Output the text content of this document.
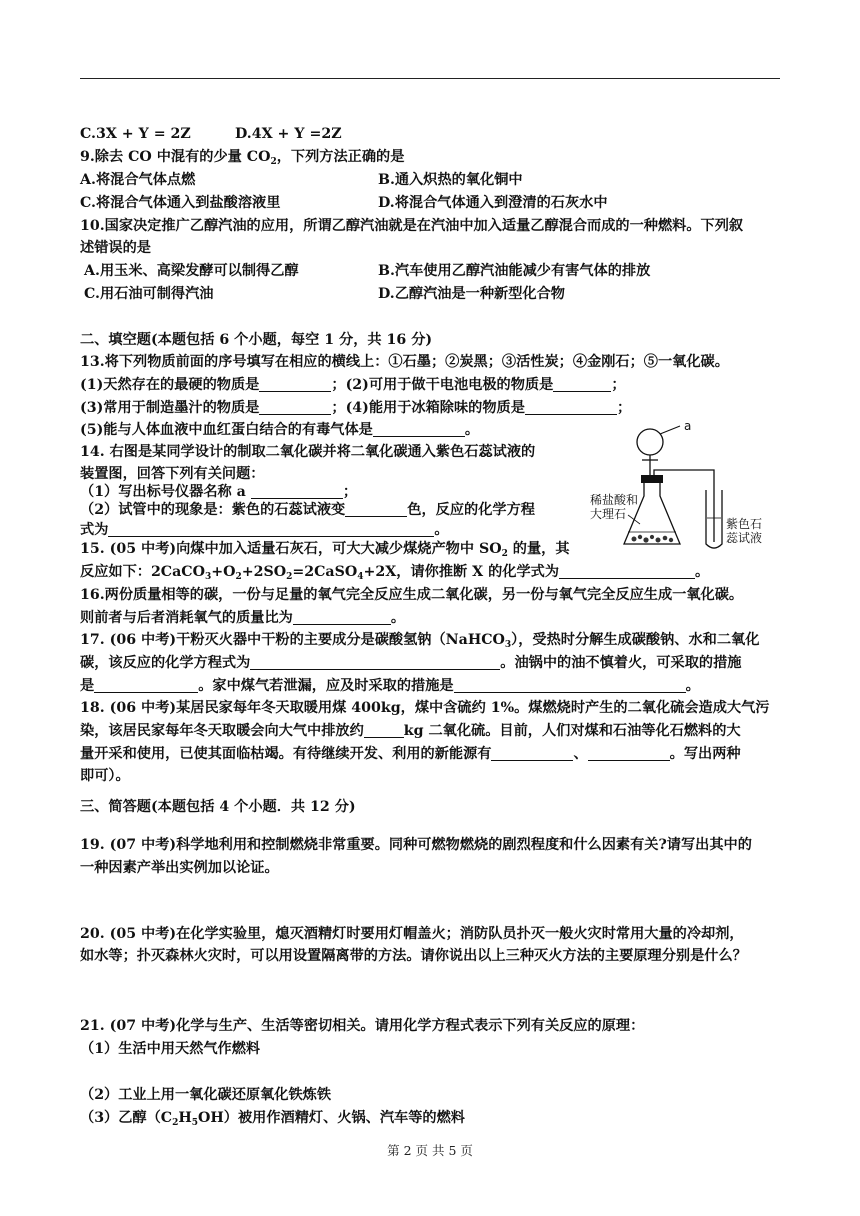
C.3X + Y = 2Z	D.4X + Y =2Z
9.除去 CO 中混有的少量 $CO_2$，下列方法正确的是
A.将混合气体点燃	B.通入炽热的氧化铜中
C.将混合气体通入到盐酸溶液里	D.将混合气体通入到澄清的石灰水中
10.国家决定推广乙醇汽油的应用，所谓乙醇汽油就是在汽油中加入适量乙醇混合而成的一种燃料。下列叙
述错误的是
A.用玉米、高梁发酵可以制得乙醇	B.汽车使用乙醇汽油能减少有害气体的排放
C.用石油可制得汽油	D.乙醇汽油是一种新型化合物
二、填空题(本题包括 6 个小题，每空 1 分，共 16 分)
13.将下列物质前面的序号填写在相应的横线上：①石墨；②炭黑；③活性炭；④金刚石；⑤一氧化碳。
(1)天然存在的最硬的物质是	；(2)可用于做干电池电极的物质是	；
(3)常用于制造墨汁的物质是	；(4)能用于冰箱除味的物质是	；
(5)能与人体血液中血红蛋白结合的有毒气体是	。
14. 右图是某同学设计的制取二氧化碳并将二氧化碳通入紫色石蕊试液的
装置图，回答下列有关问题：
（1）写出标号仪器名称 a	；
（2）试管中的现象是：紫色的石蕊试液变	色，反应的化学方程
式为	。
a
稀盐酸和
大理石
紫色石
蕊试液
15. (05 中考)向煤中加入适量石灰石，可大大减少煤烧产物中 $SO_2$ 的量，其
反应如下：$2CaCO_3+O_2+2SO_2=2CaSO_4+2X$，请你推断 X 的化学式为	。
16.两份质量相等的碳，一份与足量的氧气完全反应生成二氧化碳，另一份与氧气完全反应生成一氧化碳。
则前者与后者消耗氧气的质量比为	。
17. (06 中考)干粉灭火器中干粉的主要成分是碳酸氢钠（NaHCO$_3$），受热时分解生成碳酸钠、水和二氧化
碳，该反应的化学方程式为	。油锅中的油不慎着火，可采取的措施
是	。家中煤气若泄漏，应及时采取的措施是	。
18. (06 中考)某居民家每年冬天取暖用煤 400kg，煤中含硫约 1%。煤燃烧时产生的二氧化硫会造成大气污
染，该居民家每年冬天取暖会向大气中排放约	kg 二氧化硫。目前，人们对煤和石油等化石燃料的大
量开采和使用，已使其面临枯竭。有待继续开发、利用的新能源有	、	。写出两种
即可）。
三、简答题(本题包括 4 个小题．共 12 分)
19. (07 中考)科学地利用和控制燃烧非常重要。同种可燃物燃烧的剧烈程度和什么因素有关?请写出其中的
一种因素产举出实例加以论证。
20. (05 中考)在化学实验里，熄灭酒精灯时要用灯帽盖火；消防队员扑灭一般火灾时常用大量的冷却剂，
如水等；扑灭森林火灾时，可以用设置隔离带的方法。请你说出以上三种灭火方法的主要原理分别是什么？
21. (07 中考)化学与生产、生活等密切相关。请用化学方程式表示下列有关反应的原理：
（1）生活中用天然气作燃料
（2）工业上用一氧化碳还原氧化铁炼铁
（3）乙醇$(C_2H_5OH)$被用作酒精灯、火锅、汽车等的燃料
第 2 页 共 5 页
